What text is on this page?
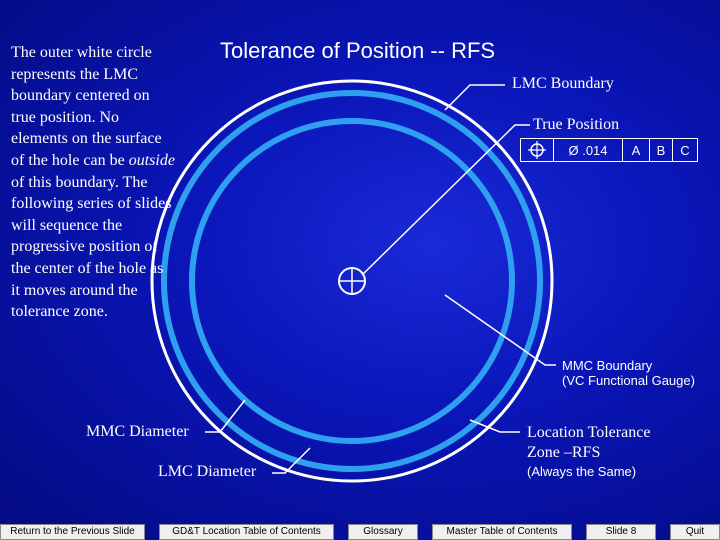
The outer white circle represents the LMC boundary centered on true position. No elements on the surface of the hole can be outside of this boundary. The following series of slides will sequence the progressive position of the center of the hole as it moves around the tolerance zone.

Tolerance of Position -- RFS
LMC Boundary
True Position
Ø .014	A	B	C
MMC Boundary
(VC Functional Gauge)
MMC Diameter
LMC Diameter
Location Tolerance
Zone –RFS
(Always the Same)
Return to the Previous Slide	GD&T Location Table of Contents	Glossary	Master Table of Contents	Slide 8	Quit
